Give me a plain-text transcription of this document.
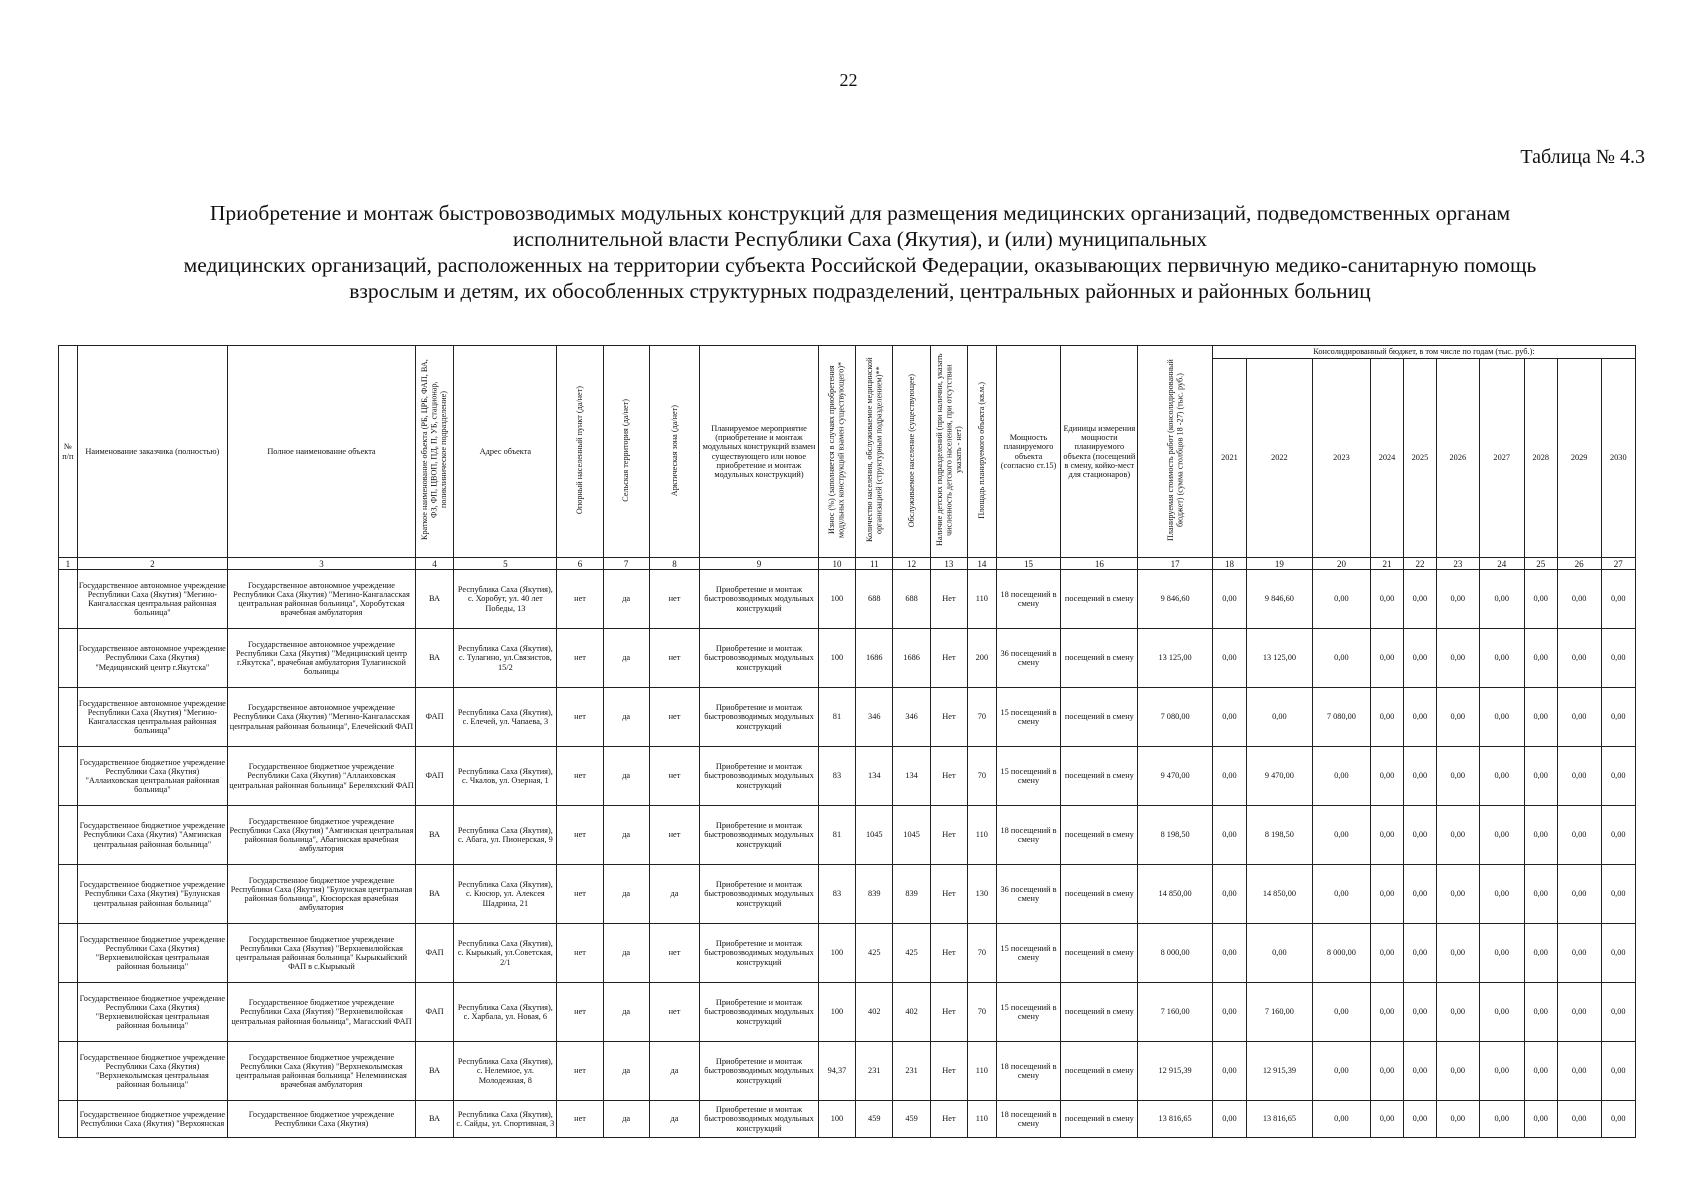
22
Таблица № 4.3
Приобретение и монтаж быстровозводимых модульных конструкций для размещения медицинских организаций, подведомственных органам
исполнительной власти Республики Саха (Якутия), и (или) муниципальных
медицинских организаций, расположенных на территории субъекта Российской Федерации, оказывающих первичную медико-санитарную помощь
взрослым и детям, их обособленных структурных подразделений, центральных районных и районных больниц
№ п/п	Наименование заказчика (полностью)	Полное наименование объекта	Краткое наименование объекта (РБ, ЦРБ, ФАП, ВА, ФЗ, ФП, ЦВОП, ПД, П, УБ, стационар, поликлиническое подразделение)	Адрес объекта	Опорный населенный пункт (да/нет)	Сельская территория (да/нет)	Арктическая зона (да/нет)	Планируемое мероприятие (приобретение и монтаж модульных конструкций взамен существующего или новое приобретение и монтаж модульных конструкций)	Износ (%) (заполняется в случаях приобретения модульных конструкций взамен существующего)*	Количество населения, обслуживаемое медицинской организацией (структурным подразделением)**	Обслуживаемое население (существующее)	Наличие детских подразделений (при наличии, указать численность детского населения, при отсутствии указать - нет)	Площадь планируемого объекта (кв.м.)	Мощность планируемого объекта (согласно ст.15)	Единицы измерения мощности планируемого объекта (посещений в смену, койко-мест для стационаров)	Планируемая стоимость работ (консолидированный бюджет) (сумма столбцов 18 -27) (тыс. руб.)	Консолидированный бюджет, в том числе по годам (тыс. руб.):									
																	2021	2022	2023	2024	2025	2026	2027	2028	2029	2030
1	2	3	4	5	6	7	8	9	10	11	12	13	14	15	16	17	18	19	20	21	22	23	24	25	26	27
	Государственное автономное учреждение Республики Саха (Якутия) "Мегино-Кангаласская центральная районная больница"	Государственное автономное учреждение Республики Саха (Якутия) "Мегино-Кангаласская центральная районная больница", Хоробутская врачебная амбулатория	ВА	Республика Саха (Якутия), с. Хоробут, ул. 40 лет Победы, 13	нет	да	нет	Приобретение и монтаж быстровозводимых модульных конструкций	100	688	688	Нет	110	18 посещений в смену	посещений в смену	9 846,60	0,00	9 846,60	0,00	0,00	0,00	0,00	0,00	0,00	0,00	0,00
	Государственное автономное учреждение Республики Саха (Якутия) "Медицинский центр г.Якутска"	Государственное автономное учреждение Республики Саха (Якутия) "Медицинский центр г.Якутска", врачебная амбулатория Тулагинской больницы	ВА	Республика Саха (Якутия), с. Тулагино, ул.Связистов, 15/2	нет	да	нет	Приобретение и монтаж быстровозводимых модульных конструкций	100	1686	1686	Нет	200	36 посещений в смену	посещений в смену	13 125,00	0,00	13 125,00	0,00	0,00	0,00	0,00	0,00	0,00	0,00	0,00
	Государственное автономное учреждение Республики Саха (Якутия) "Мегино-Кангаласская центральная районная больница"	Государственное автономное учреждение Республики Саха (Якутия) "Мегино-Кангаласская центральная районная больница", Елечейский ФАП	ФАП	Республика Саха (Якутия), с. Елечей, ул. Чапаева, 3	нет	да	нет	Приобретение и монтаж быстровозводимых модульных конструкций	81	346	346	Нет	70	15 посещений в смену	посещений в смену	7 080,00	0,00	0,00	7 080,00	0,00	0,00	0,00	0,00	0,00	0,00	0,00
	Государственное бюджетное учреждение Республики Саха (Якутия) "Аллаиховская центральная районная больница"	Государственное бюджетное учреждение Республики Саха (Якутия) "Аллаиховская центральная районная больница" Береляхский ФАП	ФАП	Республика Саха (Якутия), с. Чкалов, ул. Озерная, 1	нет	да	нет	Приобретение и монтаж быстровозводимых модульных конструкций	83	134	134	Нет	70	15 посещений в смену	посещений в смену	9 470,00	0,00	9 470,00	0,00	0,00	0,00	0,00	0,00	0,00	0,00	0,00
	Государственное бюджетное учреждение Республики Саха (Якутия) "Амгинская центральная районная больница"	Государственное бюджетное учреждение Республики Саха (Якутия) "Амгинская центральная районная больница", Абагинская врачебная амбулатория	ВА	Республика Саха (Якутия), с. Абага, ул. Пионерская, 9	нет	да	нет	Приобретение и монтаж быстровозводимых модульных конструкций	81	1045	1045	Нет	110	18 посещений в смену	посещений в смену	8 198,50	0,00	8 198,50	0,00	0,00	0,00	0,00	0,00	0,00	0,00	0,00
	Государственное бюджетное учреждение Республики Саха (Якутия) "Булунская центральная районная больница"	Государственное бюджетное учреждение Республики Саха (Якутия) "Булунская центральная районная больница", Кюсюрская врачебная амбулатория	ВА	Республика Саха (Якутия), с. Кюсюр, ул. Алексея Шадрина, 21	нет	да	да	Приобретение и монтаж быстровозводимых модульных конструкций	83	839	839	Нет	130	36 посещений в смену	посещений в смену	14 850,00	0,00	14 850,00	0,00	0,00	0,00	0,00	0,00	0,00	0,00	0,00
	Государственное бюджетное учреждение Республики Саха (Якутия) "Верхневилюйская центральная районная больница"	Государственное бюджетное учреждение Республики Саха (Якутия) "Верхневилюйская центральная районная больница" Кырыкыйский ФАП в с.Кырыкый	ФАП	Республика Саха (Якутия), с. Кырыкый, ул.Советская, 2/1	нет	да	нет	Приобретение и монтаж быстровозводимых модульных конструкций	100	425	425	Нет	70	15 посещений в смену	посещений в смену	8 000,00	0,00	0,00	8 000,00	0,00	0,00	0,00	0,00	0,00	0,00	0,00
	Государственное бюджетное учреждение Республики Саха (Якутия) "Верхневилюйская центральная районная больница"	Государственное бюджетное учреждение Республики Саха (Якутия) "Верхневилюйская центральная районная больница", Магасский ФАП	ФАП	Республика Саха (Якутия), с. Харбала, ул. Новая, 6	нет	да	нет	Приобретение и монтаж быстровозводимых модульных конструкций	100	402	402	Нет	70	15 посещений в смену	посещений в смену	7 160,00	0,00	7 160,00	0,00	0,00	0,00	0,00	0,00	0,00	0,00	0,00
	Государственное бюджетное учреждение Республики Саха (Якутия) "Верхнеколымская центральная районная больница"	Государственное бюджетное учреждение Республики Саха (Якутия) "Верхнеколымская центральная районная больница" Нелемнинская врачебная амбулатория	ВА	Республика Саха (Якутия), с. Нелемное, ул. Молодежная, 8	нет	да	да	Приобретение и монтаж быстровозводимых модульных конструкций	94,37	231	231	Нет	110	18 посещений в смену	посещений в смену	12 915,39	0,00	12 915,39	0,00	0,00	0,00	0,00	0,00	0,00	0,00	0,00
	Государственное бюджетное учреждение Республики Саха (Якутия) "Верхоянская	Государственное бюджетное учреждение Республики Саха (Якутия)	ВА	Республика Саха (Якутия), с. Сайды, ул. Спортивная, 3	нет	да	да	Приобретение и монтаж быстровозводимых модульных конструкций	100	459	459	Нет	110	18 посещений в смену	посещений в смену	13 816,65	0,00	13 816,65	0,00	0,00	0,00	0,00	0,00	0,00	0,00	0,00
